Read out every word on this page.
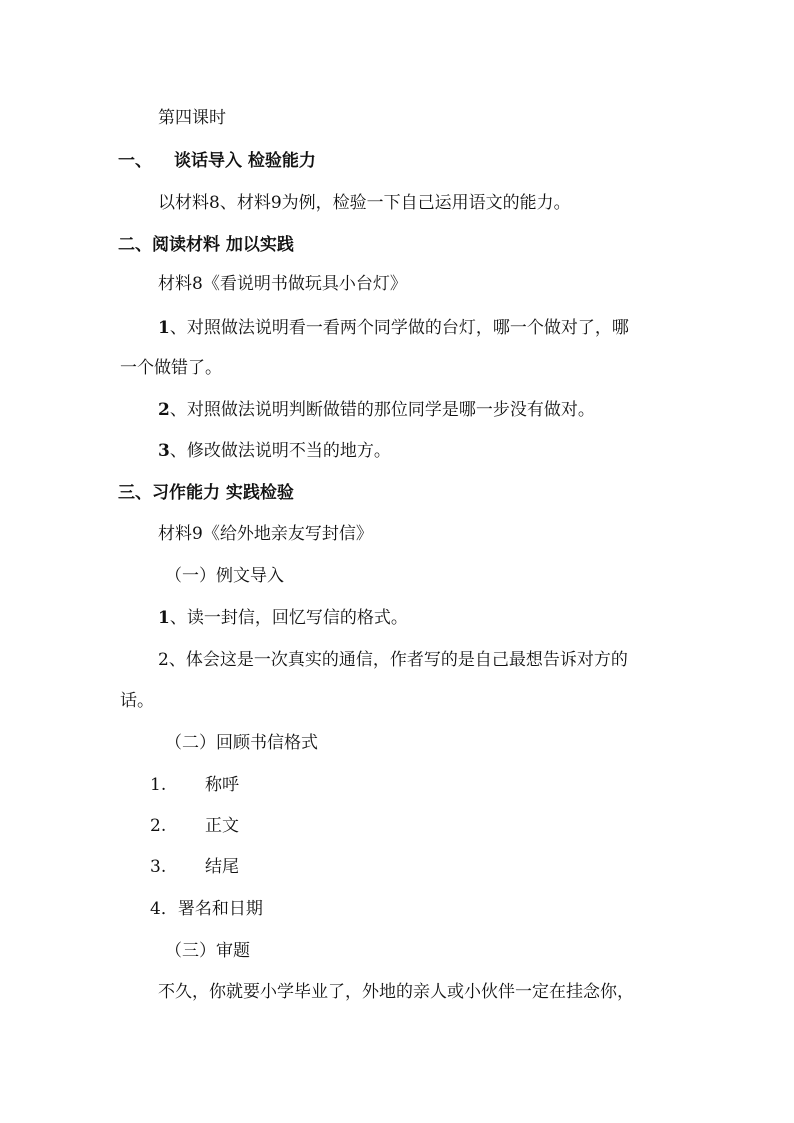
第四课时
一、 谈话导入 检验能力
以材料8、材料9为例，检验一下自己运用语文的能力。
二、阅读材料 加以实践
材料8《看说明书做玩具小台灯》
1、对照做法说明看一看两个同学做的台灯，哪一个做对了，哪
一个做错了。
2、对照做法说明判断做错的那位同学是哪一步没有做对。
3、修改做法说明不当的地方。
三、习作能力 实践检验
材料9《给外地亲友写封信》
（一）例文导入
1、读一封信，回忆写信的格式。
2、体会这是一次真实的通信，作者写的是自己最想告诉对方的
话。
（二）回顾书信格式
1. 称呼
2. 正文
3. 结尾
4．署名和日期
（三）审题
不久，你就要小学毕业了，外地的亲人或小伙伴一定在挂念你，
